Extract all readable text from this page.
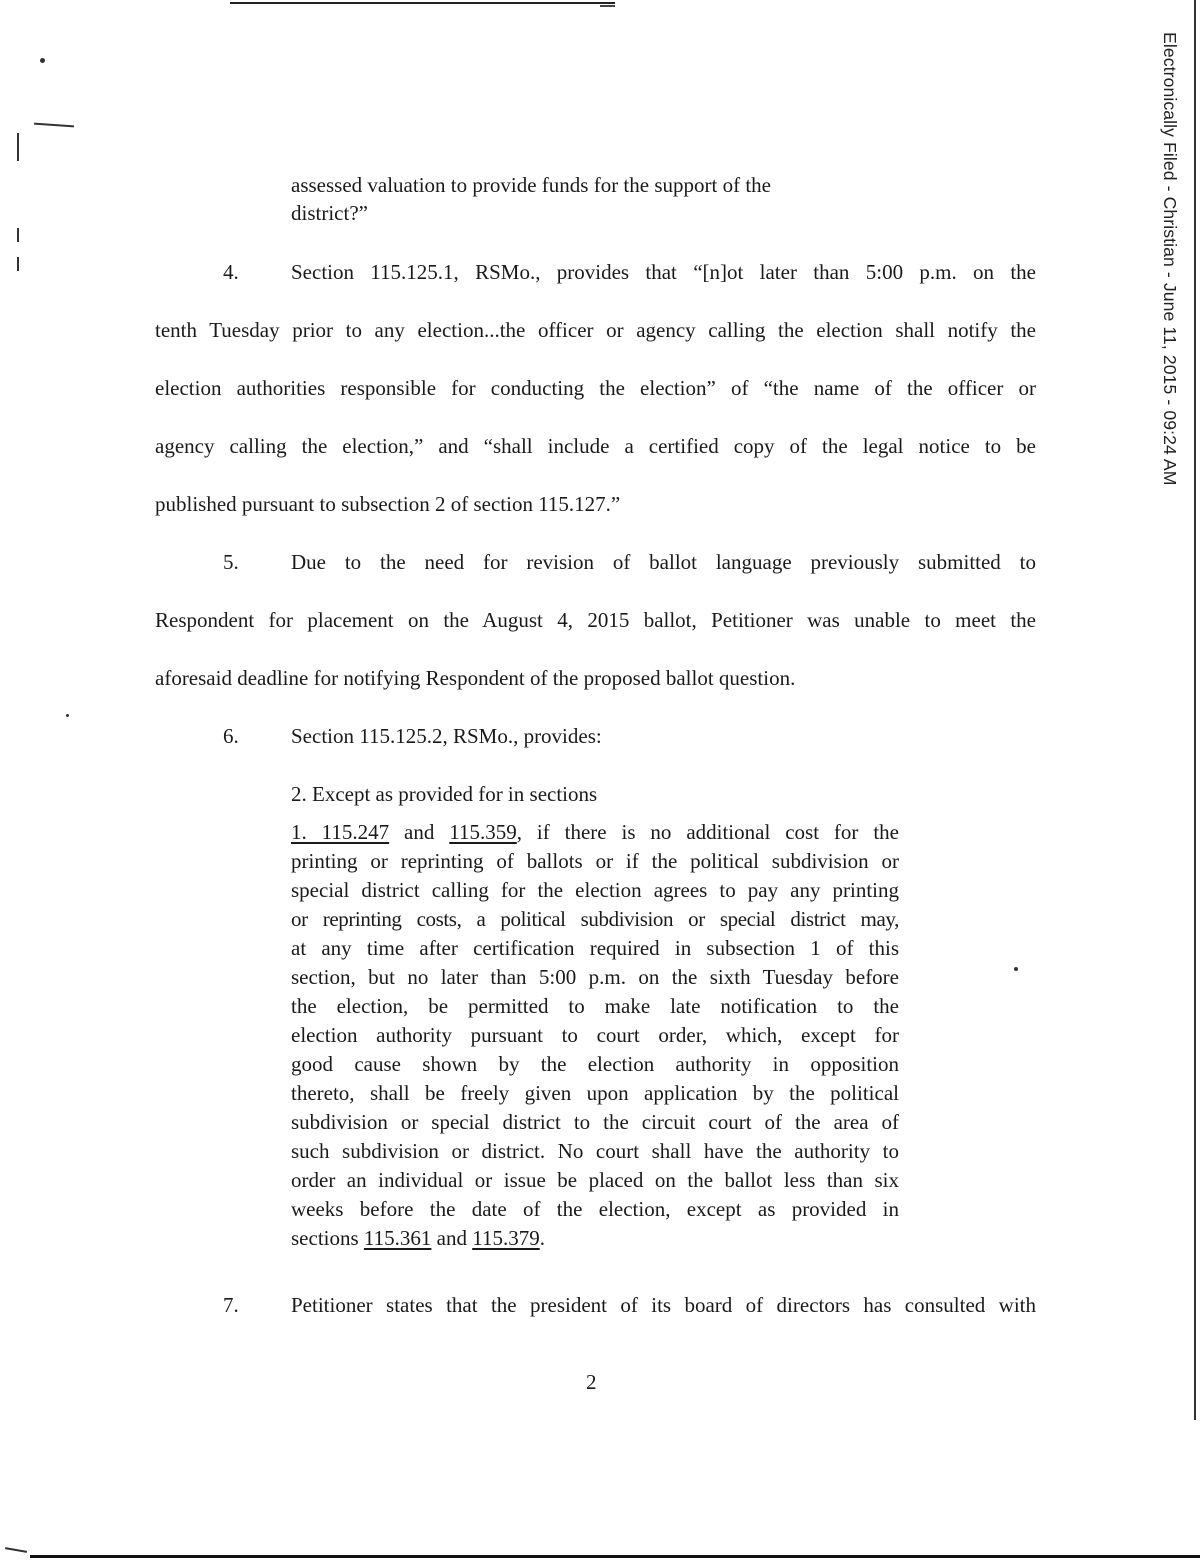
Electronically Filed - Christian - June 11, 2015 - 09:24 AM
assessed valuation to provide funds for the support of the
district?”
4. Section 115.125.1, RSMo., provides that “[n]ot later than 5:00 p.m. on the
tenth Tuesday prior to any election...the officer or agency calling the election shall notify the
election authorities responsible for conducting the election” of “the name of the officer or
agency calling the election,” and “shall include a certified copy of the legal notice to be
published pursuant to subsection 2 of section 115.127.”
5. Due to the need for revision of ballot language previously submitted to
Respondent for placement on the August 4, 2015 ballot, Petitioner was unable to meet the
aforesaid deadline for notifying Respondent of the proposed ballot question.
6. Section 115.125.2, RSMo., provides:
2. Except as provided for in sections
1. 115.247 and 115.359, if there is no additional cost for the
printing or reprinting of ballots or if the political subdivision or
special district calling for the election agrees to pay any printing
or reprinting costs, a political subdivision or special district may,
at any time after certification required in subsection 1 of this
section, but no later than 5:00 p.m. on the sixth Tuesday before
the election, be permitted to make late notification to the
election authority pursuant to court order, which, except for
good cause shown by the election authority in opposition
thereto, shall be freely given upon application by the political
subdivision or special district to the circuit court of the area of
such subdivision or district. No court shall have the authority to
order an individual or issue be placed on the ballot less than six
weeks before the date of the election, except as provided in
sections 115.361 and 115.379.
7. Petitioner states that the president of its board of directors has consulted with
2
